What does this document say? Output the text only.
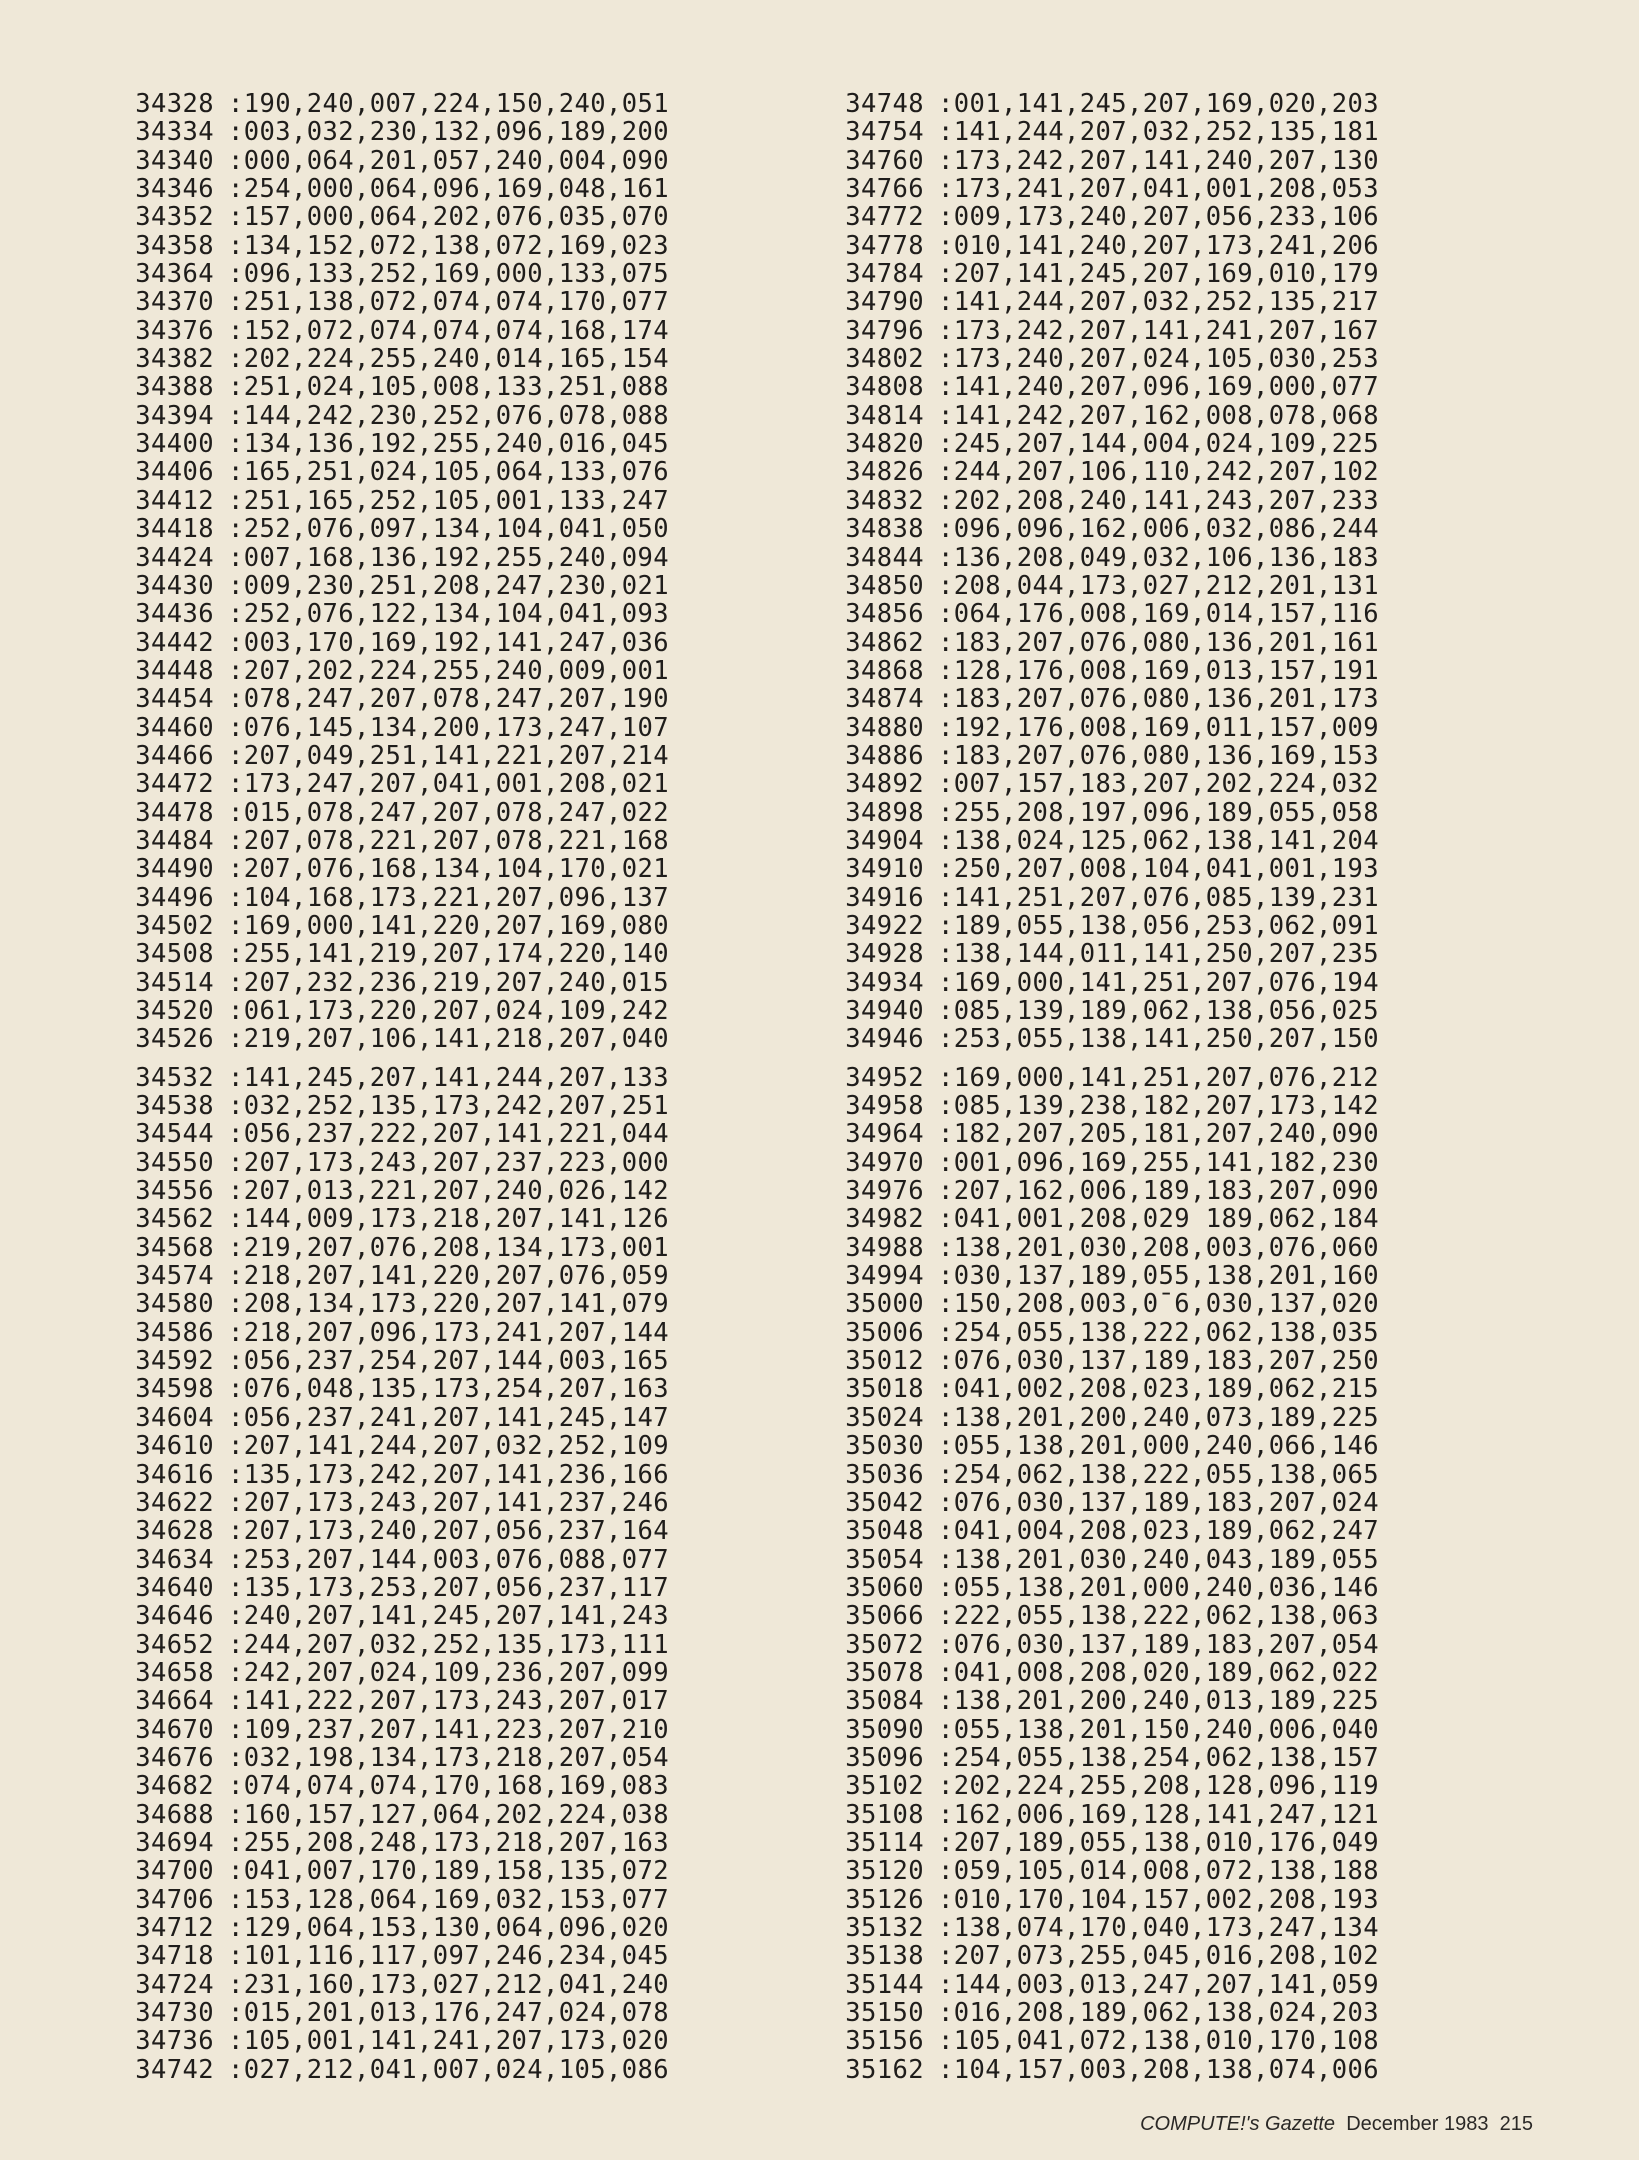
34328 :190,240,007,224,150,240,051
34334 :003,032,230,132,096,189,200
34340 :000,064,201,057,240,004,090
34346 :254,000,064,096,169,048,161
34352 :157,000,064,202,076,035,070
34358 :134,152,072,138,072,169,023
34364 :096,133,252,169,000,133,075
34370 :251,138,072,074,074,170,077
34376 :152,072,074,074,074,168,174
34382 :202,224,255,240,014,165,154
34388 :251,024,105,008,133,251,088
34394 :144,242,230,252,076,078,088
34400 :134,136,192,255,240,016,045
34406 :165,251,024,105,064,133,076
34412 :251,165,252,105,001,133,247
34418 :252,076,097,134,104,041,050
34424 :007,168,136,192,255,240,094
34430 :009,230,251,208,247,230,021
34436 :252,076,122,134,104,041,093
34442 :003,170,169,192,141,247,036
34448 :207,202,224,255,240,009,001
34454 :078,247,207,078,247,207,190
34460 :076,145,134,200,173,247,107
34466 :207,049,251,141,221,207,214
34472 :173,247,207,041,001,208,021
34478 :015,078,247,207,078,247,022
34484 :207,078,221,207,078,221,168
34490 :207,076,168,134,104,170,021
34496 :104,168,173,221,207,096,137
34502 :169,000,141,220,207,169,080
34508 :255,141,219,207,174,220,140
34514 :207,232,236,219,207,240,015
34520 :061,173,220,207,024,109,242
34526 :219,207,106,141,218,207,040
34532 :141,245,207,141,244,207,133
34538 :032,252,135,173,242,207,251
34544 :056,237,222,207,141,221,044
34550 :207,173,243,207,237,223,000
34556 :207,013,221,207,240,026,142
34562 :144,009,173,218,207,141,126
34568 :219,207,076,208,134,173,001
34574 :218,207,141,220,207,076,059
34580 :208,134,173,220,207,141,079
34586 :218,207,096,173,241,207,144
34592 :056,237,254,207,144,003,165
34598 :076,048,135,173,254,207,163
34604 :056,237,241,207,141,245,147
34610 :207,141,244,207,032,252,109
34616 :135,173,242,207,141,236,166
34622 :207,173,243,207,141,237,246
34628 :207,173,240,207,056,237,164
34634 :253,207,144,003,076,088,077
34640 :135,173,253,207,056,237,117
34646 :240,207,141,245,207,141,243
34652 :244,207,032,252,135,173,111
34658 :242,207,024,109,236,207,099
34664 :141,222,207,173,243,207,017
34670 :109,237,207,141,223,207,210
34676 :032,198,134,173,218,207,054
34682 :074,074,074,170,168,169,083
34688 :160,157,127,064,202,224,038
34694 :255,208,248,173,218,207,163
34700 :041,007,170,189,158,135,072
34706 :153,128,064,169,032,153,077
34712 :129,064,153,130,064,096,020
34718 :101,116,117,097,246,234,045
34724 :231,160,173,027,212,041,240
34730 :015,201,013,176,247,024,078
34736 :105,001,141,241,207,173,020
34742 :027,212,041,007,024,105,086
34748 :001,141,245,207,169,020,203
34754 :141,244,207,032,252,135,181
34760 :173,242,207,141,240,207,130
34766 :173,241,207,041,001,208,053
34772 :009,173,240,207,056,233,106
34778 :010,141,240,207,173,241,206
34784 :207,141,245,207,169,010,179
34790 :141,244,207,032,252,135,217
34796 :173,242,207,141,241,207,167
34802 :173,240,207,024,105,030,253
34808 :141,240,207,096,169,000,077
34814 :141,242,207,162,008,078,068
34820 :245,207,144,004,024,109,225
34826 :244,207,106,110,242,207,102
34832 :202,208,240,141,243,207,233
34838 :096,096,162,006,032,086,244
34844 :136,208,049,032,106,136,183
34850 :208,044,173,027,212,201,131
34856 :064,176,008,169,014,157,116
34862 :183,207,076,080,136,201,161
34868 :128,176,008,169,013,157,191
34874 :183,207,076,080,136,201,173
34880 :192,176,008,169,011,157,009
34886 :183,207,076,080,136,169,153
34892 :007,157,183,207,202,224,032
34898 :255,208,197,096,189,055,058
34904 :138,024,125,062,138,141,204
34910 :250,207,008,104,041,001,193
34916 :141,251,207,076,085,139,231
34922 :189,055,138,056,253,062,091
34928 :138,144,011,141,250,207,235
34934 :169,000,141,251,207,076,194
34940 :085,139,189,062,138,056,025
34946 :253,055,138,141,250,207,150
34952 :169,000,141,251,207,076,212
34958 :085,139,238,182,207,173,142
34964 :182,207,205,181,207,240,090
34970 :001,096,169,255,141,182,230
34976 :207,162,006,189,183,207,090
34982 :041,001,208,029 189,062,184
34988 :138,201,030,208,003,076,060
34994 :030,137,189,055,138,201,160
35000 :150,208,003,0¯6,030,137,020
35006 :254,055,138,222,062,138,035
35012 :076,030,137,189,183,207,250
35018 :041,002,208,023,189,062,215
35024 :138,201,200,240,073,189,225
35030 :055,138,201,000,240,066,146
35036 :254,062,138,222,055,138,065
35042 :076,030,137,189,183,207,024
35048 :041,004,208,023,189,062,247
35054 :138,201,030,240,043,189,055
35060 :055,138,201,000,240,036,146
35066 :222,055,138,222,062,138,063
35072 :076,030,137,189,183,207,054
35078 :041,008,208,020,189,062,022
35084 :138,201,200,240,013,189,225
35090 :055,138,201,150,240,006,040
35096 :254,055,138,254,062,138,157
35102 :202,224,255,208,128,096,119
35108 :162,006,169,128,141,247,121
35114 :207,189,055,138,010,176,049
35120 :059,105,014,008,072,138,188
35126 :010,170,104,157,002,208,193
35132 :138,074,170,040,173,247,134
35138 :207,073,255,045,016,208,102
35144 :144,003,013,247,207,141,059
35150 :016,208,189,062,138,024,203
35156 :105,041,072,138,010,170,108
35162 :104,157,003,208,138,074,006
COMPUTE!'s Gazette December 1983 215
